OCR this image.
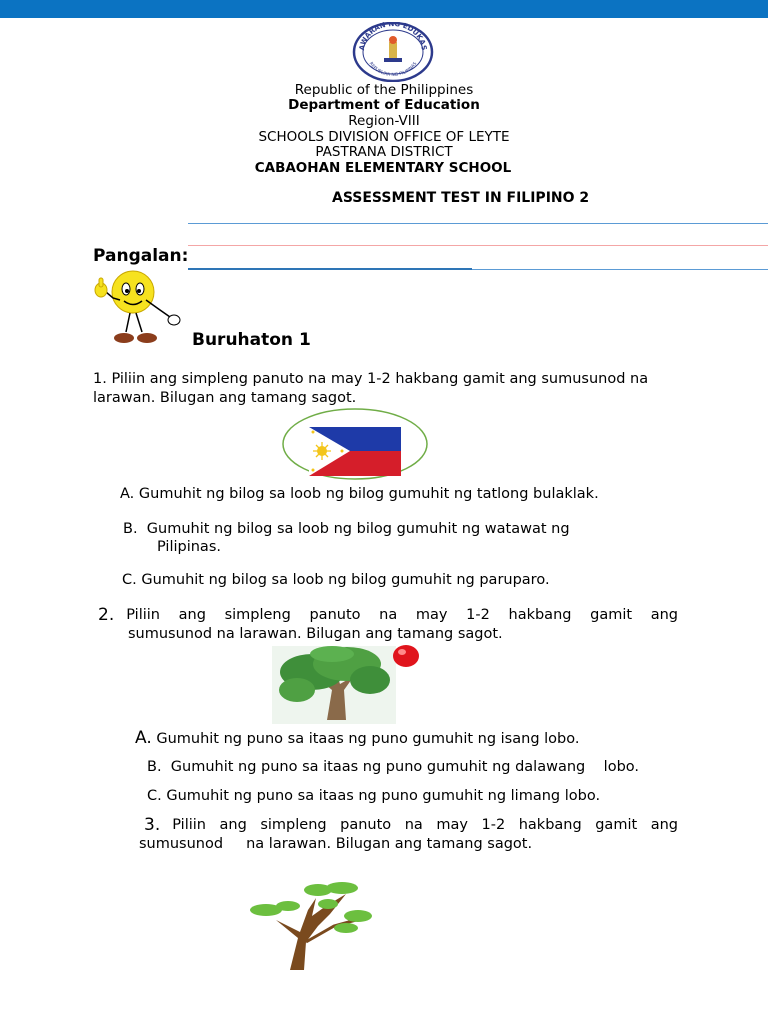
AWARAN NG EDUKAS
REPUBLIKA NG PILIPINAS
Republic of the Philippines
Department of Education
Region-VIII
SCHOOLS DIVISION OFFICE OF LEYTE
PASTRANA DISTRICT
CABAOHAN ELEMENTARY SCHOOL
ASSESSMENT TEST IN FILIPINO 2
Pangalan:
Buruhaton 1
1. Piliin ang simpleng panuto na may 1-2 hakbang gamit ang sumusunod na larawan. Bilugan ang tamang sagot.
A. Gumuhit ng bilog sa loob ng bilog gumuhit ng tatlong bulaklak.
B. Gumuhit ng bilog sa loob ng bilog gumuhit ng watawat ng
Pilipinas.
C. Gumuhit ng bilog sa loob ng bilog gumuhit ng paruparo.
2. Piliin ang simpleng panuto na may 1-2 hakbang gamit ang
sumusunod na larawan. Bilugan ang tamang sagot.
A. Gumuhit ng puno sa itaas ng puno gumuhit ng isang lobo.
B. Gumuhit ng puno sa itaas ng puno gumuhit ng dalawang    lobo.
C. Gumuhit ng puno sa itaas ng puno gumuhit ng limang lobo.
3. Piliin ang simpleng panuto na may 1-2 hakbang gamit ang
sumusunod     na larawan. Bilugan ang tamang sagot.
